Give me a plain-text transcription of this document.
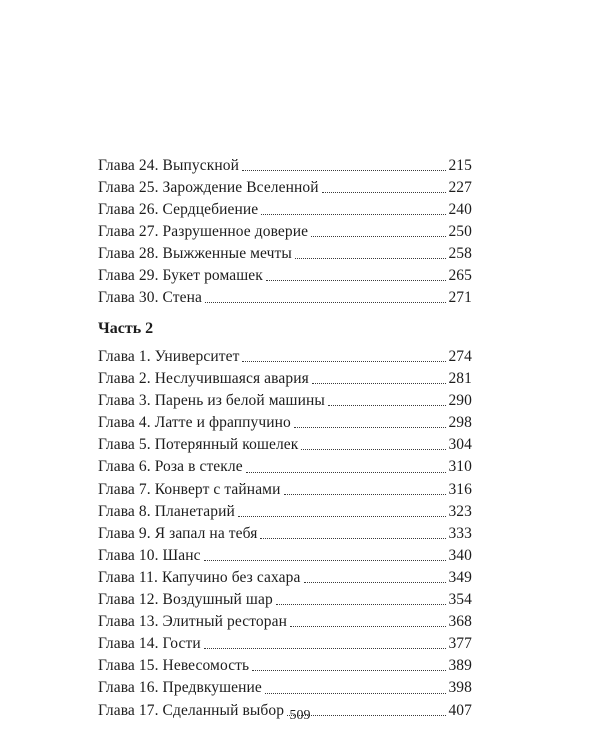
Глава 24. Выпускной	215
Глава 25. Зарождение Вселенной	227
Глава 26. Сердцебиение	240
Глава 27. Разрушенное доверие	250
Глава 28. Выжженные мечты	258
Глава 29. Букет ромашек	265
Глава 30. Стена	271
Часть 2
Глава 1. Университет	274
Глава 2. Неслучившаяся авария	281
Глава 3. Парень из белой машины	290
Глава 4. Латте и фраппучино	298
Глава 5. Потерянный кошелек	304
Глава 6. Роза в стекле	310
Глава 7. Конверт с тайнами	316
Глава 8. Планетарий	323
Глава 9. Я запал на тебя	333
Глава 10. Шанс	340
Глава 11. Капучино без сахара	349
Глава 12. Воздушный шар	354
Глава 13. Элитный ресторан	368
Глава 14. Гости	377
Глава 15. Невесомость	389
Глава 16. Предвкушение	398
Глава 17. Сделанный выбор	407
509
